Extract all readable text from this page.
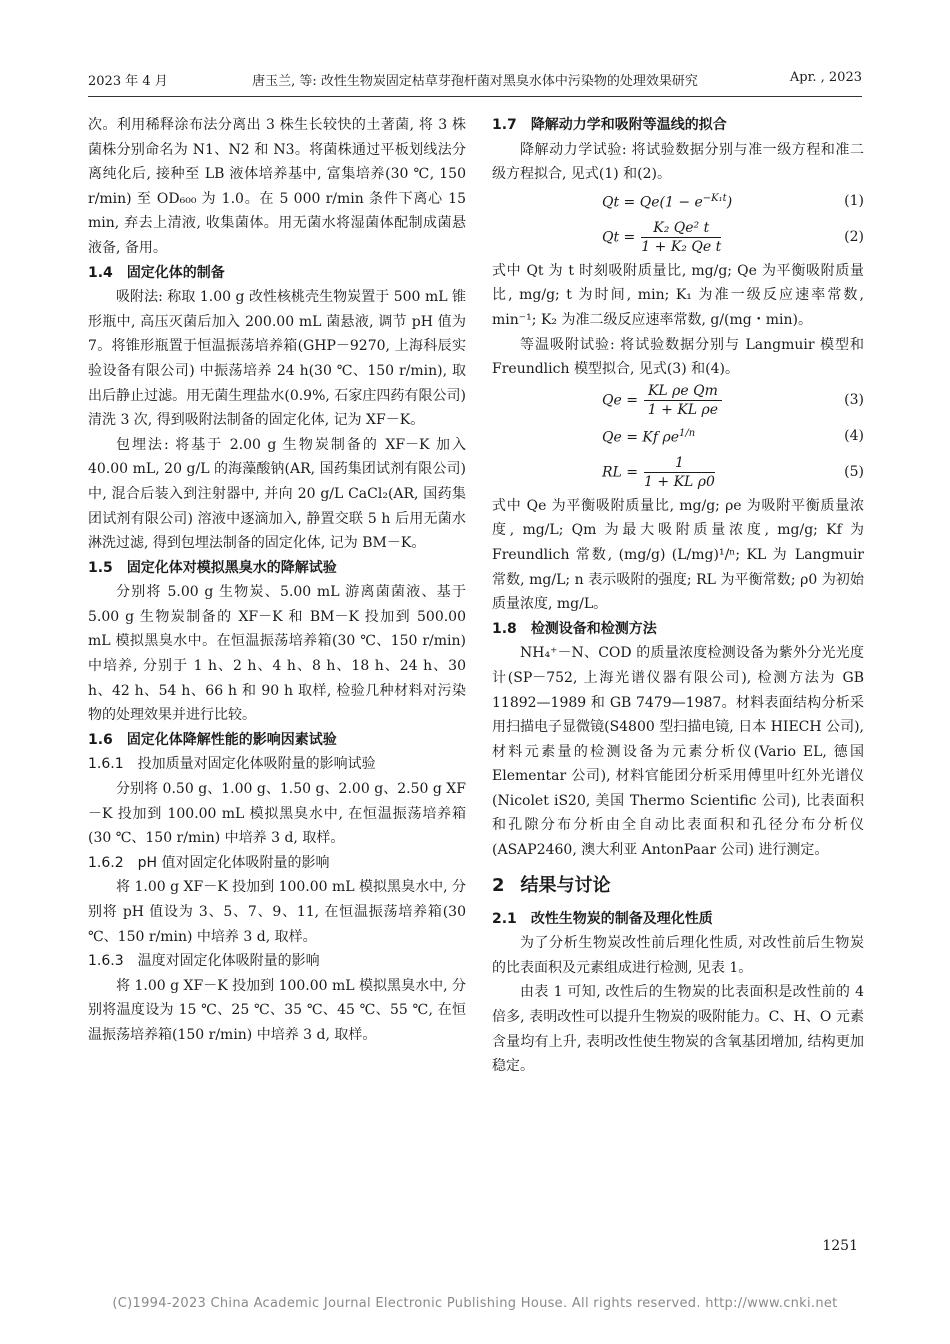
2023 年 4 月	唐玉兰, 等: 改性生物炭固定枯草芽孢杆菌对黑臭水体中污染物的处理效果研究	Apr. , 2023

次。利用稀释涂布法分离出 3 株生长较快的土著菌, 将 3 株菌株分别命名为 N1、N2 和 N3。将菌株通过平板划线法分离纯化后, 接种至 LB 液体培养基中, 富集培养(30 ℃, 150 r/min) 至 OD₆₀₀ 为 1.0。在 5 000 r/min 条件下离心 15 min, 弃去上清液, 收集菌体。用无菌水将湿菌体配制成菌悬液备, 备用。

1.4 固定化体的制备

吸附法: 称取 1.00 g 改性核桃壳生物炭置于 500 mL 锥形瓶中, 高压灭菌后加入 200.00 mL 菌悬液, 调节 pH 值为 7。将锥形瓶置于恒温振荡培养箱(GHP－9270, 上海科辰实验设备有限公司) 中振荡培养 24 h(30 ℃、150 r/min), 取出后静止过滤。用无菌生理盐水(0.9%, 石家庄四药有限公司) 清洗 3 次, 得到吸附法制备的固定化体, 记为 XF－K。

包埋法: 将基于 2.00 g 生物炭制备的 XF－K 加入 40.00 mL, 20 g/L 的海藻酸钠(AR, 国药集团试剂有限公司) 中, 混合后装入到注射器中, 并向 20 g/L CaCl₂(AR, 国药集团试剂有限公司) 溶液中逐滴加入, 静置交联 5 h 后用无菌水淋洗过滤, 得到包埋法制备的固定化体, 记为 BM－K。

1.5 固定化体对模拟黑臭水的降解试验

分别将 5.00 g 生物炭、5.00 mL 游离菌菌液、基于 5.00 g 生物炭制备的 XF－K 和 BM－K 投加到 500.00 mL 模拟黑臭水中。在恒温振荡培养箱(30 ℃、150 r/min) 中培养, 分别于 1 h、2 h、4 h、8 h、18 h、24 h、30 h、42 h、54 h、66 h 和 90 h 取样, 检验几种材料对污染物的处理效果并进行比较。

1.6 固定化体降解性能的影响因素试验
1.6.1 投加质量对固定化体吸附量的影响试验

分别将 0.50 g、1.00 g、1.50 g、2.00 g、2.50 g XF－K 投加到 100.00 mL 模拟黑臭水中, 在恒温振荡培养箱(30 ℃、150 r/min) 中培养 3 d, 取样。

1.6.2 pH 值对固定化体吸附量的影响

将 1.00 g XF－K 投加到 100.00 mL 模拟黑臭水中, 分别将 pH 值设为 3、5、7、9、11, 在恒温振荡培养箱(30 ℃、150 r/min) 中培养 3 d, 取样。

1.6.3 温度对固定化体吸附量的影响

将 1.00 g XF－K 投加到 100.00 mL 模拟黑臭水中, 分别将温度设为 15 ℃、25 ℃、35 ℃、45 ℃、55 ℃, 在恒温振荡培养箱(150 r/min) 中培养 3 d, 取样。

1.7 降解动力学和吸附等温线的拟合

降解动力学试验: 将试验数据分别与准一级方程和准二级方程拟合, 见式(1) 和(2)。

$Qt = Qe(1 - e^{-K_1t})$	(1)
$Qt = \frac{\text{K₂ Qe² t}}{\text{1 + K₂ Qe t}}$	(2)

式中 Qt 为 t 时刻吸附质量比, mg/g; Qe 为平衡吸附质量比, mg/g; t 为时间, min; K₁ 为准一级反应速率常数, min⁻¹; K₂ 为准二级反应速率常数, g/(mg・min)。

等温吸附试验: 将试验数据分别与 Langmuir 模型和 Freundlich 模型拟合, 见式(3) 和(4)。

$Qe = \frac{\text{KL ρe Qm}}{\text{1 + KL ρe}}$	(3)
Qe = Kf $\rho e^{1/n}$	(4)
RL = $\frac{1}{\text{1 + KL ρ0}}$	(5)

式中 Qe 为平衡吸附质量比, mg/g; ρe 为吸附平衡质量浓度, mg/L; Qm 为最大吸附质量浓度, mg/g; Kf 为 Freundlich 常数, (mg/g) (L/mg)¹/ⁿ; KL 为 Langmuir 常数, mg/L; n 表示吸附的强度; RL 为平衡常数; ρ0 为初始质量浓度, mg/L。

1.8 检测设备和检测方法

NH₄⁺－N、COD 的质量浓度检测设备为紫外分光光度计(SP－752, 上海光谱仪器有限公司), 检测方法为 GB 11892—1989 和 GB 7479—1987。材料表面结构分析采用扫描电子显微镜(S4800 型扫描电镜, 日本 HIECH 公司), 材料元素量的检测设备为元素分析仪(Vario EL, 德国 Elementar 公司), 材料官能团分析采用傅里叶红外光谱仪(Nicolet iS20, 美国 Thermo Scientific 公司), 比表面积和孔隙分布分析由全自动比表面积和孔径分布分析仪(ASAP2460, 澳大利亚 AntonPaar 公司) 进行测定。

2 结果与讨论
2.1 改性生物炭的制备及理化性质

为了分析生物炭改性前后理化性质, 对改性前后生物炭的比表面积及元素组成进行检测, 见表 1。

由表 1 可知, 改性后的生物炭的比表面积是改性前的 4 倍多, 表明改性可以提升生物炭的吸附能力。C、H、O 元素含量均有上升, 表明改性使生物炭的含氧基团增加, 结构更加稳定。

1251
(C)1994-2023 China Academic Journal Electronic Publishing House. All rights reserved. http://www.cnki.net
